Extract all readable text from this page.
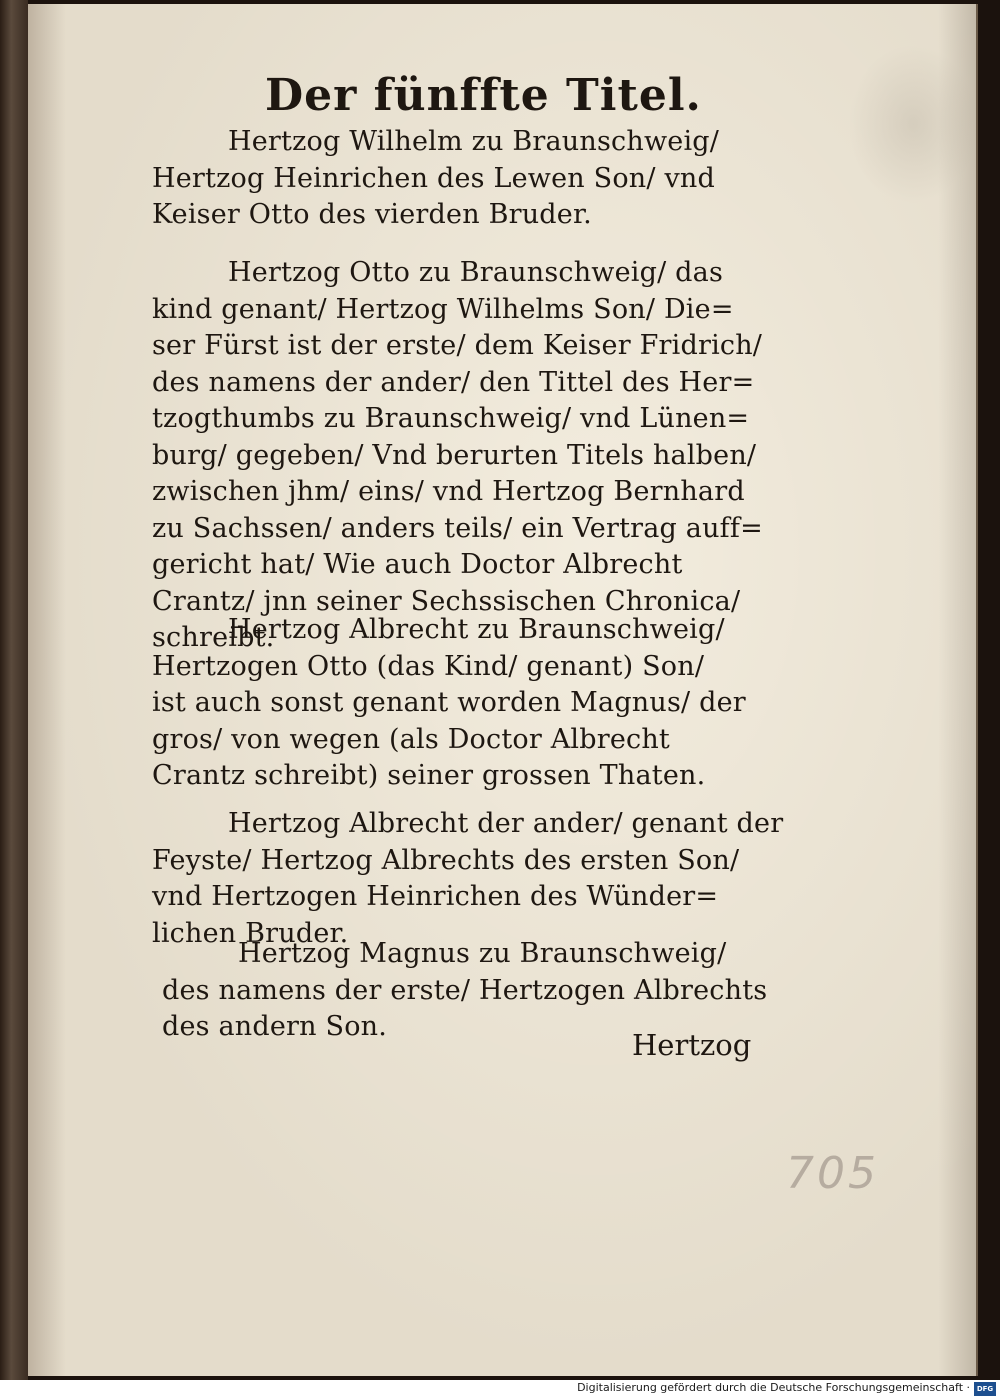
Der fünffte Titel.
Hertzog Wilhelm zu Braunschweig/
Hertzog Heinrichen des Lewen Son/ vnd
Keiser Otto des vierden Bruder.
Hertzog Otto zu Braunschweig/ das
kind genant/ Hertzog Wilhelms Son/ Die=
ser Fürst ist der erste/ dem Keiser Fridrich/
des namens der ander/ den Tittel des Her=
tzogthumbs zu Braunschweig/ vnd Lünen=
burg/ gegeben/ Vnd berurten Titels halben/
zwischen jhm/ eins/ vnd Hertzog Bernhard
zu Sachssen/ anders teils/ ein Vertrag auff=
gericht hat/ Wie auch Doctor Albrecht
Crantz/ jnn seiner Sechssischen Chronica/
schreibt.
Hertzog Albrecht zu Braunschweig/
Hertzogen Otto (das Kind/ genant) Son/
ist auch sonst genant worden Magnus/ der
gros/ von wegen (als Doctor Albrecht
Crantz schreibt) seiner grossen Thaten.
Hertzog Albrecht der ander/ genant der
Feyste/ Hertzog Albrechts des ersten Son/
vnd Hertzogen Heinrichen des Wünder=
lichen Bruder.
Hertzog Magnus zu Braunschweig/
des namens der erste/ Hertzogen Albrechts
des andern Son.
Hertzog
705
Digitalisierung gefördert durch die Deutsche Forschungsgemeinschaft · DFG
